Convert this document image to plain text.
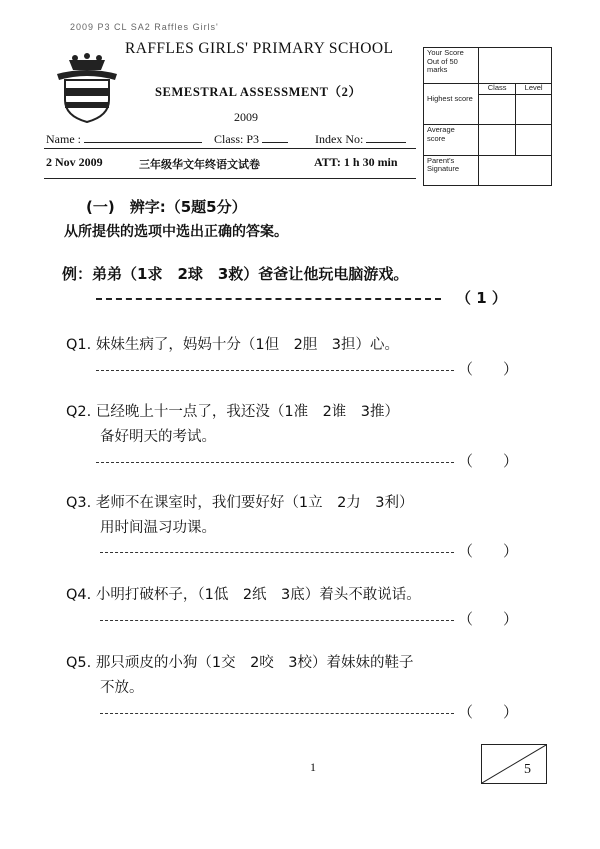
2009 P3 CL SA2 Raffles Girls'
RAFFLES GIRLS' PRIMARY SCHOOL
SEMESTRAL ASSESSMENT（2）
2009
Name :	Class: P3	Index No:
2 Nov 2009	三年级华文年终语文试卷	ATT: 1 h 30 min
Your Score Out of 50 marks		
	Class	Level
Highest score		
Average score		
Parent's Signature		
(一)　辨字:（5题5分）
从所提供的选项中选出正确的答案。
例：弟弟（1求　2球　3救）爸爸让他玩电脑游戏。
（ 1 ）
Q1. 妹妹生病了，妈妈十分（1但　2胆　3担）心。
（　　）
Q2. 已经晚上十一点了，我还没（1准　2谁　3推）
备好明天的考试。
（　　）
Q3. 老师不在课室时，我们要好好（1立　2力　3利）
用时间温习功课。
（　　）
Q4. 小明打破杯子，（1低　2纸　3底）着头不敢说话。
（　　）
Q5. 那只顽皮的小狗（1交　2咬　3校）着妹妹的鞋子
不放。
（　　）
1	5
